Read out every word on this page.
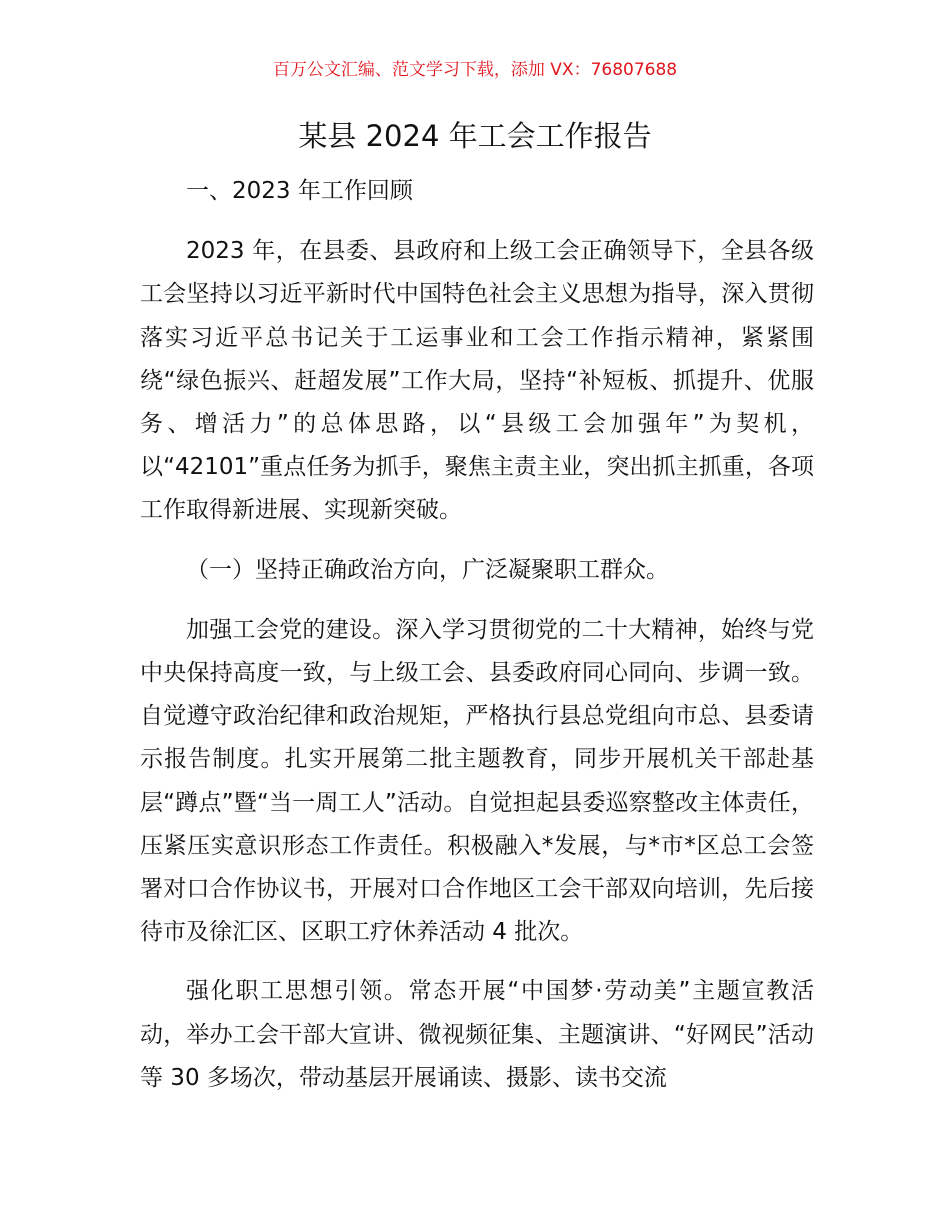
百万公文汇编、范文学习下载，添加 VX：76807688
某县 2024 年工会工作报告

一、2023 年工作回顾

2023 年，在县委、县政府和上级工会正确领导下，全县各级工会坚持以习近平新时代中国特色社会主义思想为指导，深入贯彻落实习近平总书记关于工运事业和工会工作指示精神，紧紧围绕“绿色振兴、赶超发展”工作大局，坚持“补短板、抓提升、优服务、增活力”的总体思路，以“县级工会加强年”为契机，以“42101”重点任务为抓手，聚焦主责主业，突出抓主抓重，各项工作取得新进展、实现新突破。

（一）坚持正确政治方向，广泛凝聚职工群众。

加强工会党的建设。深入学习贯彻党的二十大精神，始终与党中央保持高度一致，与上级工会、县委政府同心同向、步调一致。自觉遵守政治纪律和政治规矩，严格执行县总党组向市总、县委请示报告制度。扎实开展第二批主题教育，同步开展机关干部赴基层“蹲点”暨“当一周工人”活动。自觉担起县委巡察整改主体责任，压紧压实意识形态工作责任。积极融入*发展，与*市*区总工会签署对口合作协议书，开展对口合作地区工会干部双向培训，先后接待市及徐汇区、区职工疗休养活动 4 批次。

强化职工思想引领。常态开展“中国梦·劳动美”主题宣教活动，举办工会干部大宣讲、微视频征集、主题演讲、“好网民”活动等 30 多场次，带动基层开展诵读、摄影、读书交流
